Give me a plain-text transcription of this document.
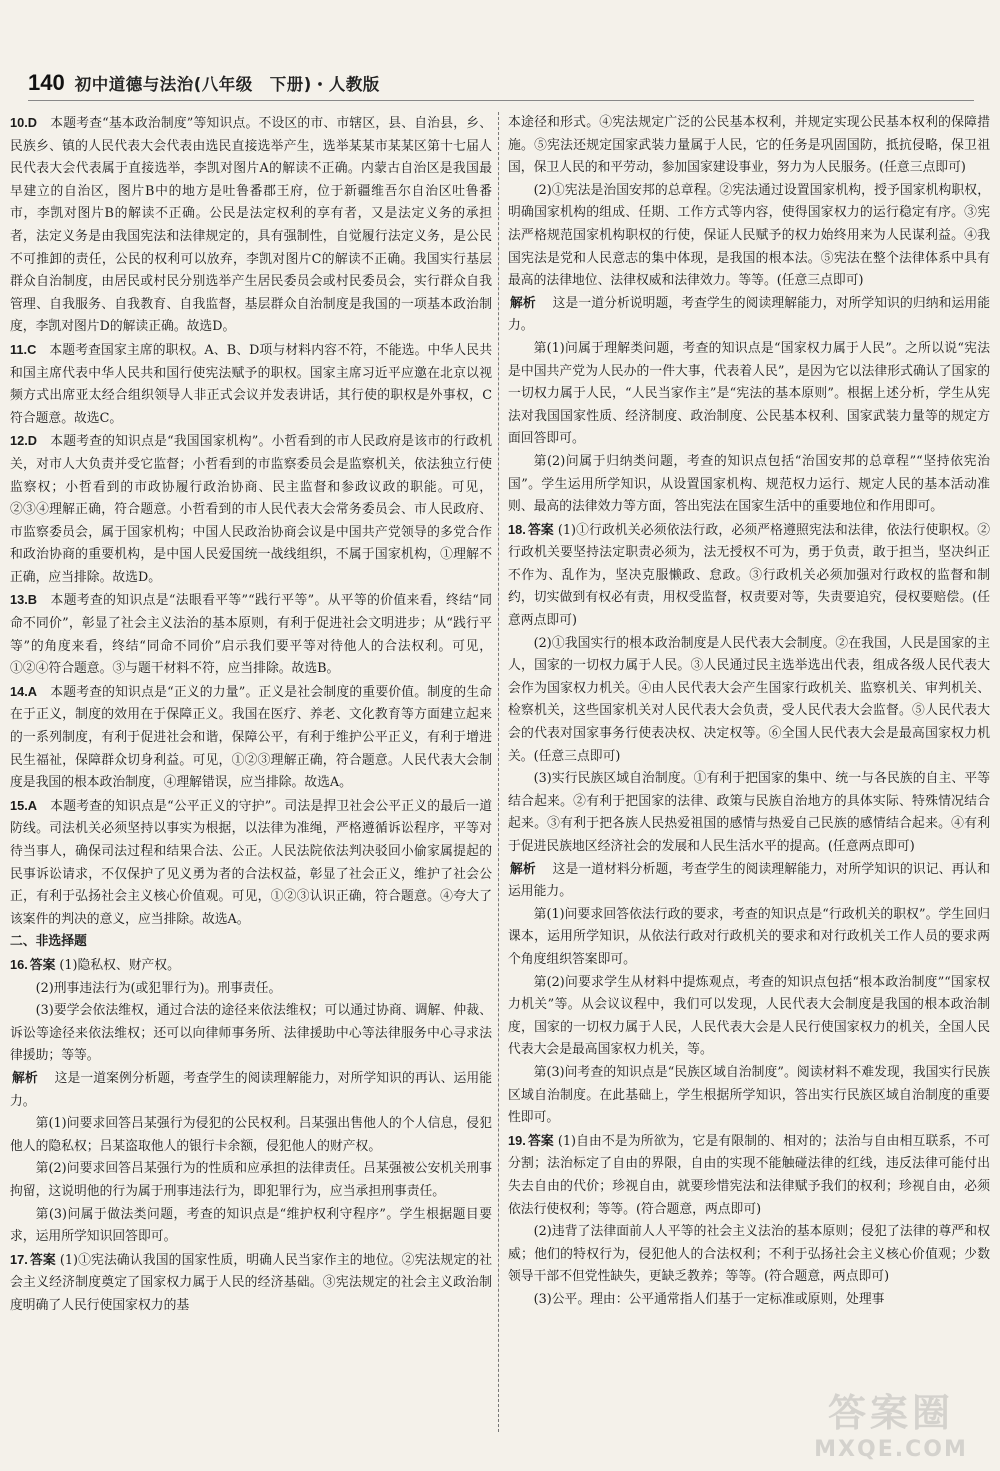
140 初中道德与法治(八年级　下册)・人教版

10.D　 本题考查“基本政治制度”等知识点。不设区的市、市辖区，县、自治县，乡、民族乡、镇的人民代表大会代表由选民直接选举产生，选举某某市某某区第十七届人民代表大会代表属于直接选举，李凯对图片A的解读不正确。内蒙古自治区是我国最早建立的自治区，图片B中的地方是吐鲁番郡王府，位于新疆维吾尔自治区吐鲁番市，李凯对图片B的解读不正确。公民是法定权利的享有者，又是法定义务的承担者，法定义务是由我国宪法和法律规定的，具有强制性，自觉履行法定义务，是公民不可推卸的责任，公民的权利可以放弃，李凯对图片C的解读不正确。我国实行基层群众自治制度，由居民或村民分别选举产生居民委员会或村民委员会，实行群众自我管理、自我服务、自我教育、自我监督，基层群众自治制度是我国的一项基本政治制度，李凯对图片D的解读正确。故选D。

11.C　 本题考查国家主席的职权。A、B、D项与材料内容不符，不能选。中华人民共和国主席代表中华人民共和国行使宪法赋予的职权。国家主席习近平应邀在北京以视频方式出席亚太经合组织领导人非正式会议并发表讲话，其行使的职权是外事权，C符合题意。故选C。

12.D　 本题考查的知识点是“我国国家机构”。小哲看到的市人民政府是该市的行政机关，对市人大负责并受它监督；小哲看到的市监察委员会是监察机关，依法独立行使监察权；小哲看到的市政协履行政治协商、民主监督和参政议政的职能。可见，②③④理解正确，符合题意。小哲看到的市人民代表大会常务委员会、市人民政府、市监察委员会，属于国家机构；中国人民政治协商会议是中国共产党领导的多党合作和政治协商的重要机构，是中国人民爱国统一战线组织，不属于国家机构，①理解不正确，应当排除。故选D。

13.B　 本题考查的知识点是“法眼看平等”“践行平等”。从平等的价值来看，终结“同命不同价”，彰显了社会主义法治的基本原则，有利于促进社会文明进步；从“践行平等”的角度来看，终结“同命不同价”启示我们要平等对待他人的合法权利。可见，①②④符合题意。③与题干材料不符，应当排除。故选B。

14.A　 本题考查的知识点是“正义的力量”。正义是社会制度的重要价值。制度的生命在于正义，制度的效用在于保障正义。我国在医疗、养老、文化教育等方面建立起来的一系列制度，有利于促进社会和谐，保障公平，有利于维护公平正义，有利于增进民生福祉，保障群众切身利益。可见，①②③理解正确，符合题意。人民代表大会制度是我国的根本政治制度，④理解错误，应当排除。故选A。

15.A　 本题考查的知识点是“公平正义的守护”。司法是捍卫社会公平正义的最后一道防线。司法机关必须坚持以事实为根据，以法律为准绳，严格遵循诉讼程序，平等对待当事人，确保司法过程和结果合法、公正。人民法院依法判决驳回小偷家属提起的民事诉讼请求，不仅保护了见义勇为者的合法权益，彰显了社会正义，维护了社会公正，有利于弘扬社会主义核心价值观。可见，①②③认识正确，符合题意。④夸大了该案件的判决的意义，应当排除。故选A。

二、非选择题

16. 答案 (1)隐私权、财产权。

(2)刑事违法行为(或犯罪行为)。刑事责任。

(3)要学会依法维权，通过合法的途径来依法维权；可以通过协商、调解、仲裁、诉讼等途径来依法维权；还可以向律师事务所、法律援助中心等法律服务中心寻求法律援助；等等。

解析　 这是一道案例分析题，考查学生的阅读理解能力，对所学知识的再认、运用能力。

第(1)问要求回答吕某强行为侵犯的公民权利。吕某强出售他人的个人信息，侵犯他人的隐私权；吕某盗取他人的银行卡余额，侵犯他人的财产权。

第(2)问要求回答吕某强行为的性质和应承担的法律责任。吕某强被公安机关刑事拘留，这说明他的行为属于刑事违法行为，即犯罪行为，应当承担刑事责任。

第(3)问属于做法类问题，考查的知识点是“维护权利守程序”。学生根据题目要求，运用所学知识回答即可。

17. 答案 (1)①宪法确认我国的国家性质，明确人民当家作主的地位。②宪法规定的社会主义经济制度奠定了国家权力属于人民的经济基础。③宪法规定的社会主义政治制度明确了人民行使国家权力的基

本途径和形式。④宪法规定广泛的公民基本权利，并规定实现公民基本权利的保障措施。⑤宪法还规定国家武装力量属于人民，它的任务是巩固国防，抵抗侵略，保卫祖国，保卫人民的和平劳动，参加国家建设事业，努力为人民服务。(任意三点即可)

(2)①宪法是治国安邦的总章程。②宪法通过设置国家机构，授予国家机构职权，明确国家机构的组成、任期、工作方式等内容，使得国家权力的运行稳定有序。③宪法严格规范国家机构职权的行使，保证人民赋予的权力始终用来为人民谋利益。④我国宪法是党和人民意志的集中体现，是我国的根本法。⑤宪法在整个法律体系中具有最高的法律地位、法律权威和法律效力。等等。(任意三点即可)

解析　 这是一道分析说明题，考查学生的阅读理解能力，对所学知识的归纳和运用能力。

第(1)问属于理解类问题，考查的知识点是“国家权力属于人民”。之所以说“宪法是中国共产党为人民办的一件大事，代表着人民”，是因为它以法律形式确认了国家的一切权力属于人民，“人民当家作主”是“宪法的基本原则”。根据上述分析，学生从宪法对我国国家性质、经济制度、政治制度、公民基本权利、国家武装力量等的规定方面回答即可。

第(2)问属于归纳类问题，考查的知识点包括“治国安邦的总章程”“坚持依宪治国”。学生运用所学知识，从设置国家机构、规范权力运行、规定人民的基本活动准则、最高的法律效力等方面，答出宪法在国家生活中的重要地位和作用即可。

18. 答案 (1)①行政机关必须依法行政，必须严格遵照宪法和法律，依法行使职权。②行政机关要坚持法定职责必须为，法无授权不可为，勇于负责，敢于担当，坚决纠正不作为、乱作为，坚决克服懒政、怠政。③行政机关必须加强对行政权的监督和制约，切实做到有权必有责，用权受监督，权责要对等，失责要追究，侵权要赔偿。(任意两点即可)

(2)①我国实行的根本政治制度是人民代表大会制度。②在我国，人民是国家的主人，国家的一切权力属于人民。③人民通过民主选举选出代表，组成各级人民代表大会作为国家权力机关。④由人民代表大会产生国家行政机关、监察机关、审判机关、检察机关，这些国家机关对人民代表大会负责，受人民代表大会监督。⑤人民代表大会的代表对国家事务行使表决权、决定权等。⑥全国人民代表大会是最高国家权力机关。(任意三点即可)

(3)实行民族区域自治制度。①有利于把国家的集中、统一与各民族的自主、平等结合起来。②有利于把国家的法律、政策与民族自治地方的具体实际、特殊情况结合起来。③有利于把各族人民热爱祖国的感情与热爱自己民族的感情结合起来。④有利于促进民族地区经济社会的发展和人民生活水平的提高。(任意两点即可)

解析　 这是一道材料分析题，考查学生的阅读理解能力，对所学知识的识记、再认和运用能力。

第(1)问要求回答依法行政的要求，考查的知识点是“行政机关的职权”。学生回归课本，运用所学知识，从依法行政对行政机关的要求和对行政机关工作人员的要求两个角度组织答案即可。

第(2)问要求学生从材料中提炼观点，考查的知识点包括“根本政治制度”“国家权力机关”等。从会议议程中，我们可以发现，人民代表大会制度是我国的根本政治制度，国家的一切权力属于人民，人民代表大会是人民行使国家权力的机关，全国人民代表大会是最高国家权力机关，等。

第(3)问考查的知识点是“民族区域自治制度”。阅读材料不难发现，我国实行民族区域自治制度。在此基础上，学生根据所学知识，答出实行民族区域自治制度的重要性即可。

19. 答案 (1)自由不是为所欲为，它是有限制的、相对的；法治与自由相互联系，不可分割；法治标定了自由的界限，自由的实现不能触碰法律的红线，违反法律可能付出失去自由的代价；珍视自由，就要珍惜宪法和法律赋予我们的权利；珍视自由，必须依法行使权利；等等。(符合题意，两点即可)

(2)违背了法律面前人人平等的社会主义法治的基本原则；侵犯了法律的尊严和权威；他们的特权行为，侵犯他人的合法权利；不利于弘扬社会主义核心价值观；少数领导干部不但党性缺失，更缺乏教养；等等。(符合题意，两点即可)

(3)公平。理由：公平通常指人们基于一定标准或原则，处理事

答案圈
MXQE.COM
